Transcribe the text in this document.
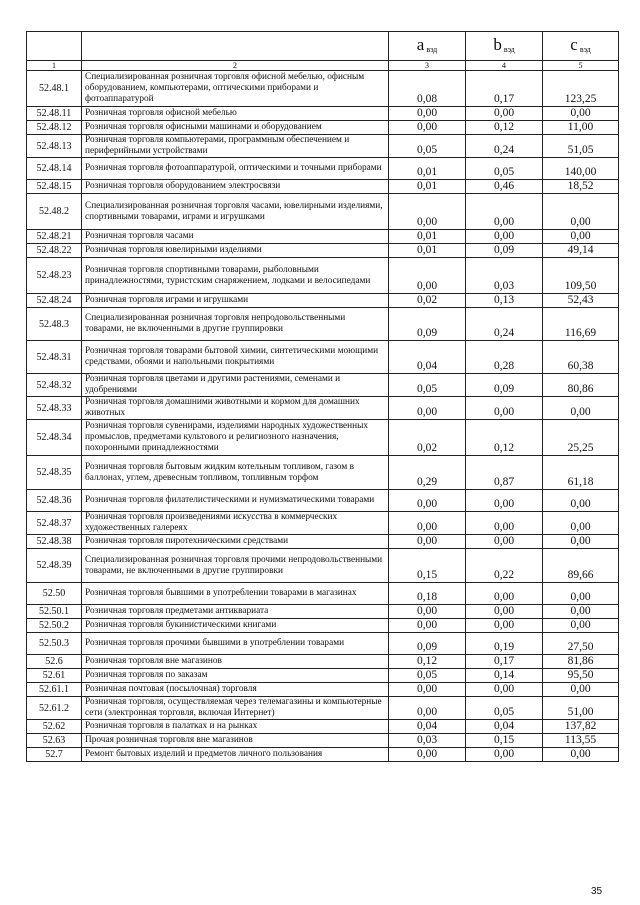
		a $_{вэд}$	b $_{вэд}$	c $_{вэд}$
1	2	3	4	5
52.48.1	Специализированная розничная торговля офисной мебелью, офисным оборудованием, компьютерами, оптическими приборами и фотоаппаратурой	0,08	0,17	123,25
52.48.11	Розничная торговля офисной мебелью	0,00	0,00	0,00
52.48.12	Розничная торговля офисными машинами и оборудованием	0,00	0,12	11,00
52.48.13	Розничная торговля компьютерами, программным обеспечением и периферийными устройствами	0,05	0,24	51,05
52.48.14	Розничная торговля фотоаппаратурой, оптическими и точными приборами	0,01	0,05	140,00
52.48.15	Розничная торговля оборудованием электросвязи	0,01	0,46	18,52
52.48.2	Специализированная розничная торговля часами, ювелирными изделиями, спортивными товарами, играми и игрушками	0,00	0,00	0,00
52.48.21	Розничная торговля часами	0,01	0,00	0,00
52.48.22	Розничная торговля ювелирными изделиями	0,01	0,09	49,14
52.48.23	Розничная торговля спортивными товарами, рыболовными принадлежностями, туристским снаряжением, лодками и велосипедами	0,00	0,03	109,50
52.48.24	Розничная торговля играми и игрушками	0,02	0,13	52,43
52.48.3	Специализированная розничная торговля непродовольственными товарами, не включенными в другие группировки	0,09	0,24	116,69
52.48.31	Розничная торговля товарами бытовой химии, синтетическими моющими средствами, обоями и напольными покрытиями	0,04	0,28	60,38
52.48.32	Розничная торговля цветами и другими растениями, семенами и удобрениями	0,05	0,09	80,86
52.48.33	Розничная торговля домашними животными и кормом для домашних животных	0,00	0,00	0,00
52.48.34	Розничная торговля сувенирами, изделиями народных художественных промыслов, предметами культового и религиозного назначения, похоронными принадлежностями	0,02	0,12	25,25
52.48.35	Розничная торговля бытовым жидким котельным топливом, газом в баллонах, углем, древесным топливом, топливным торфом	0,29	0,87	61,18
52.48.36	Розничная торговля филателистическими и нумизматическими товарами	0,00	0,00	0,00
52.48.37	Розничная торговля произведениями искусства в коммерческих художественных галереях	0,00	0,00	0,00
52.48.38	Розничная торговля пиротехническими средствами	0,00	0,00	0,00
52.48.39	Специализированная розничная торговля прочими непродовольственными товарами, не включенными в другие группировки	0,15	0,22	89,66
52.50	Розничная торговля бывшими в употреблении товарами в магазинах	0,18	0,00	0,00
52.50.1	Розничная торговля предметами антиквариата	0,00	0,00	0,00
52.50.2	Розничная торговля букинистическими книгами	0,00	0,00	0,00
52.50.3	Розничная торговля прочими бывшими в употреблении товарами	0,09	0,19	27,50
52.6	Розничная торговля вне магазинов	0,12	0,17	81,86
52.61	Розничная торговля по заказам	0,05	0,14	95,50
52.61.1	Розничная почтовая (посылочная) торговля	0,00	0,00	0,00
52.61.2	Розничная торговля, осуществляемая через телемагазины и компьютерные сети (электронная торговля, включая Интернет)	0,00	0,05	51,00
52.62	Розничная торговля в палатках и на рынках	0,04	0,04	137,82
52.63	Прочая розничная торговля вне магазинов	0,03	0,15	113,55
52.7	Ремонт бытовых изделий и предметов личного пользования	0,00	0,00	0,00
35
